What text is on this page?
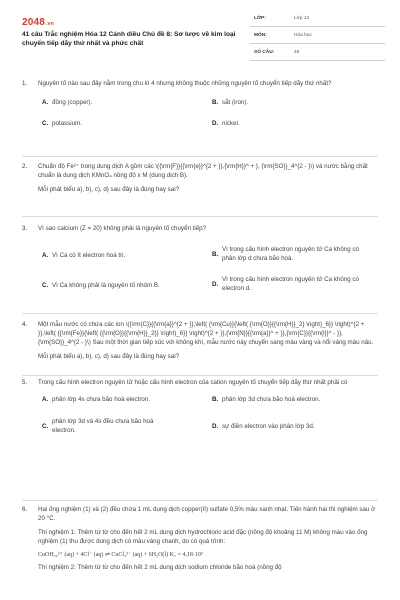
2048.vn
41 câu Trắc nghiệm Hóa 12 Cánh diều Chủ đề 8: Sơ lược về kim loại chuyển tiếp dãy thứ nhất và phức chất
LỚP:	Lớp 12
MÔN:	Hóa học
SỐ CÂU:	45
1. Nguyên tố nào sau đây nằm trong chu kì 4 nhưng không thuộc những nguyên tố chuyển tiếp dãy thứ nhất?
A. đồng (copper).	B. sắt (iron).
C. potassium.	D. nickel.
2. Chuẩn độ Fe²⁺ trong dung dịch A gồm các \({\rm{F}}{{\rm{e}}^{2 + }},{\rm{H}}^ + }, {\rm{SO}}_4^{2 - }\) và nước bằng chất chuẩn là dung dịch KMnO₄ nồng độ x M (dung dịch B).

Mỗi phát biểu a), b), c), d) sau đây là đúng hay sai?

3. Vì sao calcium (Z = 20) không phải là nguyên tố chuyển tiếp?
A. Vì Ca có ít electron hoá trị.	B.
Vì trong cấu hình electron nguyên tử Ca không có phân lớp d chưa bão hoà.
C. Vì Ca không phải là nguyên tố nhóm B.	D.
Vì trong cấu hình electron nguyên tử Ca không có electron d.
4. Một mẫu nước có chứa các ion \({\rm{C}}{{\rm{a}}^{2 + }},\left( {\rm{Cu}}{\left( {\rm{O}}{{\rm{H}}_2} \right)_6}} \right)^{2 + }},\left( {{\rm{Fe}}{\left( {{\rm{O}}{{\rm{H}}_2}} \right)_6}} \right)^{2 + }},{\rm{N}}{{\rm{a}}^ + }},{\rm{C}}{{\rm{l}}^ - }},{\rm{SO}}_4^{2 - }\) Sau một thời gian tiếp xúc với không khí, mẫu nước này chuyển sang màu vàng và nổi váng màu nâu.

Mỗi phát biểu a), b), c), d) sau đây là đúng hay sai?

5. Trong cấu hình electron nguyên tử hoặc cấu hình electron của cation nguyên tố chuyển tiếp dãy thứ nhất phải có
A. phân lớp 4s chưa bão hoà electron.	B. phân lớp 3d chưa bão hoà electron.
C.
phân lớp 3d và 4s đều chưa bão hoà electron.
D. sự điền electron vào phân lớp 3d.
6. Hai ống nghiệm (1) và (2) đều chứa 1 mL dung dịch copper(II) sulfate 0,5% màu xanh nhạt. Tiến hành hai thí nghiệm sau ở 20 °C.

Thí nghiệm 1: Thêm từ từ cho đến hết 2 mL dung dịch hydrochloric acid đặc (nồng độ khoảng 11 M) không màu vào ống nghiệm (1) thu được dung dịch có màu vàng chanh, do có quá trình:

CuOH₂₆²⁺ (aq) + 4Cl⁻ (aq) ⇌ CuCl₄²⁻ (aq) + 6H₂O(l) K꜀ = 4,18·10⁵
Thí nghiệm 2: Thêm từ từ cho đến hết 2 mL dung dịch sodium chloride bão hoà (nồng độ
